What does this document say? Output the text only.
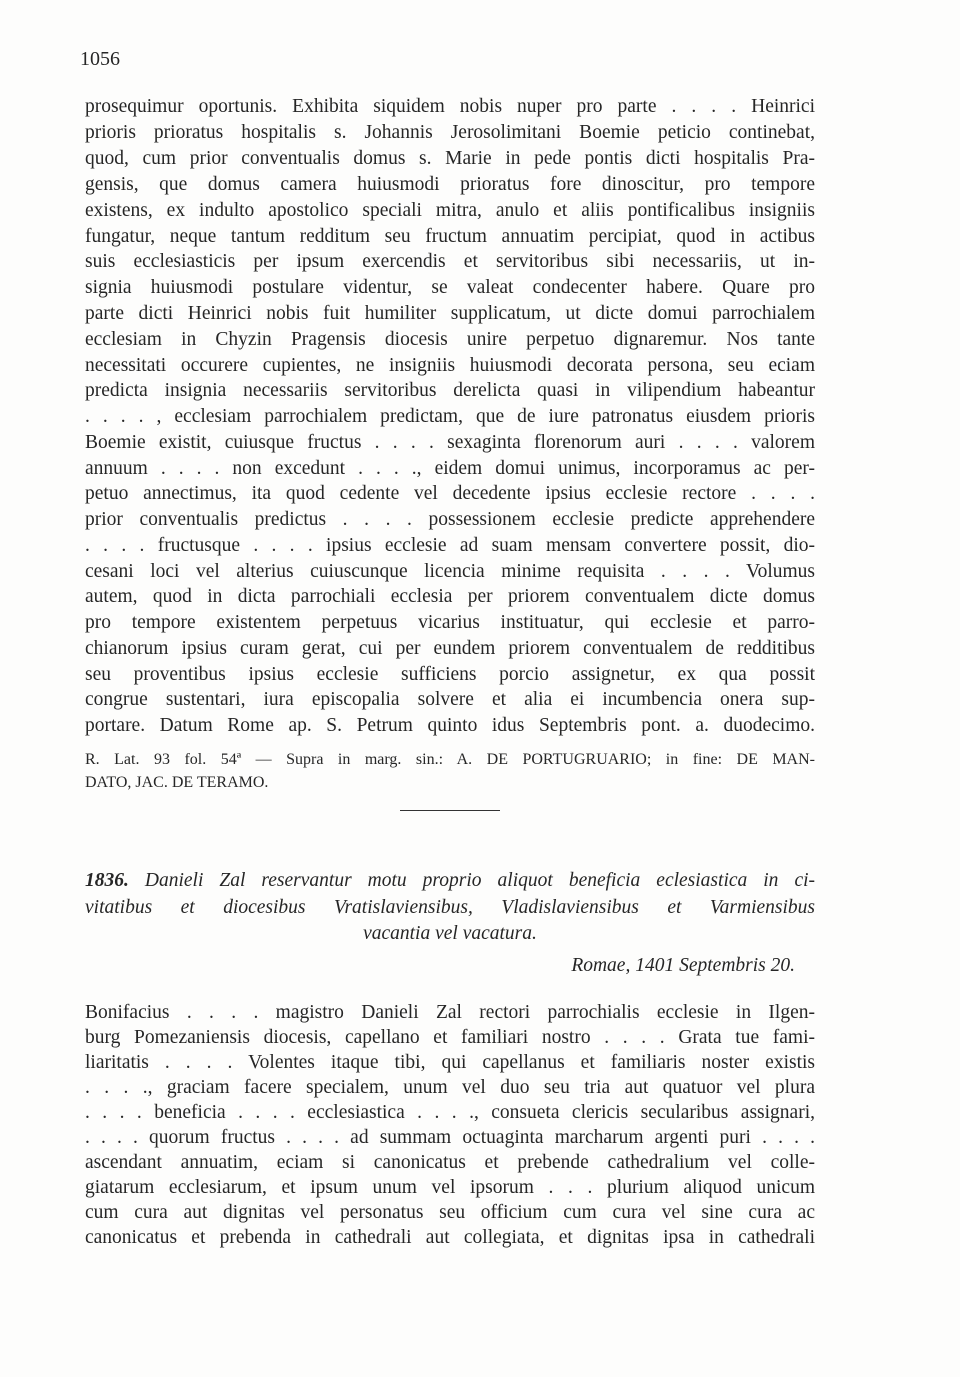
1056
prosequimur oportunis. Exhibita siquidem nobis nuper pro parte . . . . Heinrici
prioris prioratus hospitalis s. Johannis Jerosolimitani Boemie peticio continebat,
quod, cum prior conventualis domus s. Marie in pede pontis dicti hospitalis Pra-
gensis, que domus camera huiusmodi prioratus fore dinoscitur, pro tempore
existens, ex indulto apostolico speciali mitra, anulo et aliis pontificalibus insigniis
fungatur, neque tantum redditum seu fructum annuatim percipiat, quod in actibus
suis ecclesiasticis per ipsum exercendis et servitoribus sibi necessariis, ut in-
signia huiusmodi postulare videntur, se valeat condecenter habere. Quare pro
parte dicti Heinrici nobis fuit humiliter supplicatum, ut dicte domui parrochialem
ecclesiam in Chyzin Pragensis diocesis unire perpetuo dignaremur. Nos tante
necessitati occurere cupientes, ne insigniis huiusmodi decorata persona, seu eciam
predicta insignia necessariis servitoribus derelicta quasi in vilipendium habeantur
. . . . , ecclesiam parrochialem predictam, que de iure patronatus eiusdem prioris
Boemie existit, cuiusque fructus . . . . sexaginta florenorum auri . . . . valorem
annuum . . . . non excedunt . . . ., eidem domui unimus, incorporamus ac per-
petuo annectimus, ita quod cedente vel decedente ipsius ecclesie rectore . . . .
prior conventualis predictus . . . . possessionem ecclesie predicte apprehendere
. . . . fructusque . . . . ipsius ecclesie ad suam mensam convertere possit, dio-
cesani loci vel alterius cuiuscunque licencia minime requisita . . . . Volumus
autem, quod in dicta parrochiali ecclesia per priorem conventualem dicte domus
pro tempore existentem perpetuus vicarius instituatur, qui ecclesie et parro-
chianorum ipsius curam gerat, cui per eundem priorem conventualem de redditibus
seu proventibus ipsius ecclesie sufficiens porcio assignetur, ex qua possit
congrue sustentari, iura episcopalia solvere et alia ei incumbencia onera sup-
portare. Datum Rome ap. S. Petrum quinto idus Septembris pont. a. duodecimo.
R. Lat. 93 fol. 54ª — Supra in marg. sin.: A. DE PORTUGRUARIO; in fine: DE MAN-
DATO, JAC. DE TERAMO.
1836. Danieli Zal reservantur motu proprio aliquot beneficia eclesiastica in ci-
vitatibus et diocesibus Vratislaviensibus, Vladislaviensibus et Varmiensibus
vacantia vel vacatura.
Romae, 1401 Septembris 20.
Bonifacius . . . . magistro Danieli Zal rectori parrochialis ecclesie in Ilgen-
burg Pomezaniensis diocesis, capellano et familiari nostro . . . . Grata tue fami-
liaritatis . . . . Volentes itaque tibi, qui capellanus et familiaris noster existis
. . . ., graciam facere specialem, unum vel duo seu tria aut quatuor vel plura
. . . . beneficia . . . . ecclesiastica . . . ., consueta clericis secularibus assignari,
. . . . quorum fructus . . . . ad summam octuaginta marcharum argenti puri . . . .
ascendant annuatim, eciam si canonicatus et prebende cathedralium vel colle-
giatarum ecclesiarum, et ipsum unum vel ipsorum . . . plurium aliquod unicum
cum cura aut dignitas vel personatus seu officium cum cura vel sine cura ac
canonicatus et prebenda in cathedrali aut collegiata, et dignitas ipsa in cathedrali
